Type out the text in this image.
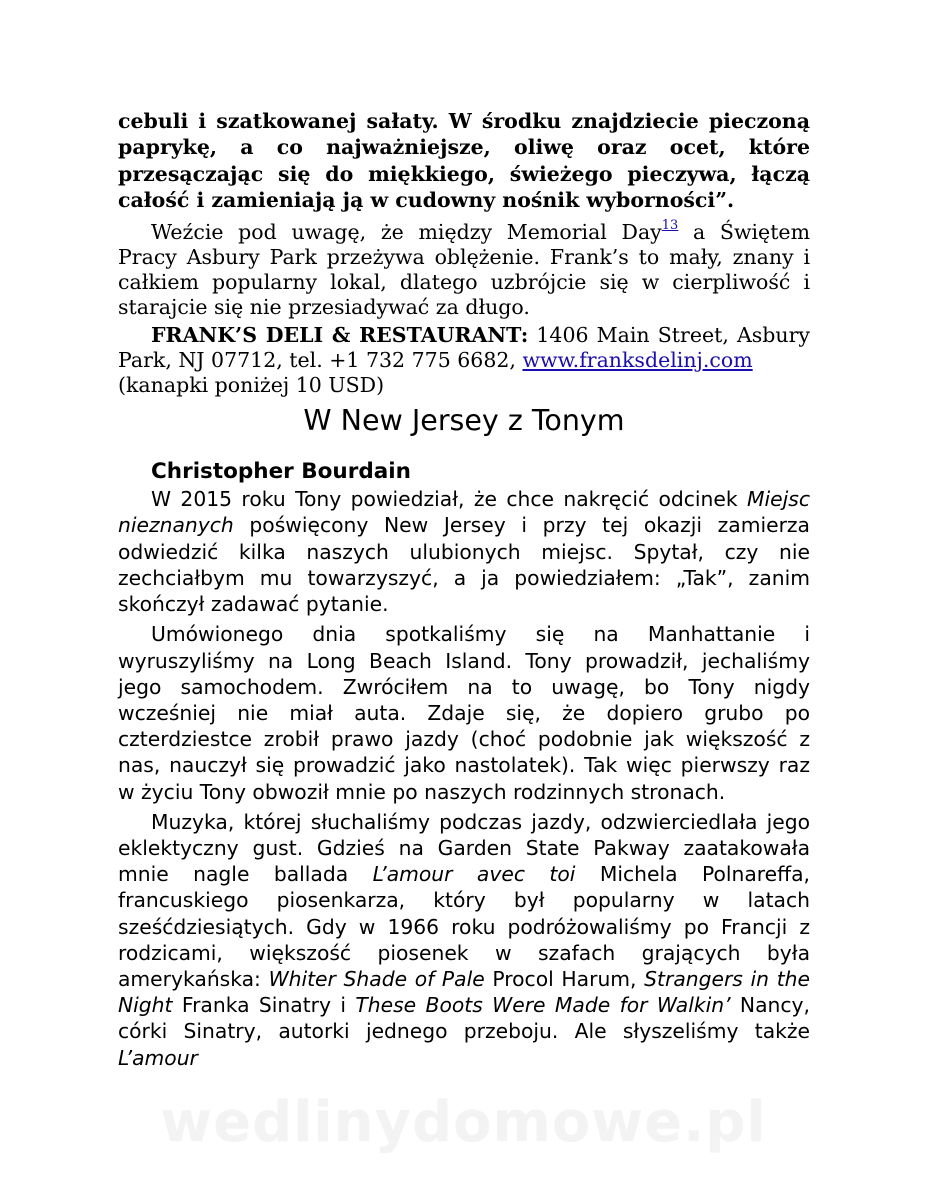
cebuli i szatkowanej sałaty. W środku znajdziecie pieczoną paprykę, a co najważniejsze, oliwę oraz ocet, które przesączając się do miękkiego, świeżego pieczywa, łączą całość i zamieniają ją w cudowny nośnik wyborności”.

Weźcie pod uwagę, że między Memorial Day$^{13}$ a Świętem Pracy Asbury Park przeżywa oblężenie. Frank’s to mały, znany i całkiem popularny lokal, dlatego uzbrójcie się w cierpliwość i starajcie się nie przesiadywać za długo.

FRANK’S DELI & RESTAURANT: 1406 Main Street, Asbury Park, NJ 07712, tel. +1 732 775 6682, www.franksdelinj.com
(kanapki poniżej 10 USD)

W New Jersey z Tonym
Christopher Bourdain

W 2015 roku Tony powiedział, że chce nakręcić odcinek Miejsc nieznanych poświęcony New Jersey i przy tej okazji zamierza odwiedzić kilka naszych ulubionych miejsc. Spytał, czy nie zechciałbym mu towarzyszyć, a ja powiedziałem: „Tak”, zanim skończył zadawać pytanie.

Umówionego dnia spotkaliśmy się na Manhattanie i wyruszyliśmy na Long Beach Island. Tony prowadził, jechaliśmy jego samochodem. Zwróciłem na to uwagę, bo Tony nigdy wcześniej nie miał auta. Zdaje się, że dopiero grubo po czterdziestce zrobił prawo jazdy (choć podobnie jak większość z nas, nauczył się prowadzić jako nastolatek). Tak więc pierwszy raz w życiu Tony obwoził mnie po naszych rodzinnych stronach.

Muzyka, której słuchaliśmy podczas jazdy, odzwierciedlała jego eklektyczny gust. Gdzieś na Garden State Pakway zaatakowała mnie nagle ballada L’amour avec toi Michela Polnareffa, francuskiego piosenkarza, który był popularny w latach sześćdziesiątych. Gdy w 1966 roku podróżowaliśmy po Francji z rodzicami, większość piosenek w szafach grających była amerykańska: Whiter Shade of Pale Procol Harum, Strangers in the Night Franka Sinatry i These Boots Were Made for Walkin’ Nancy, córki Sinatry, autorki jednego przeboju. Ale słyszeliśmy także L’amour

wedlinydomowe.pl
